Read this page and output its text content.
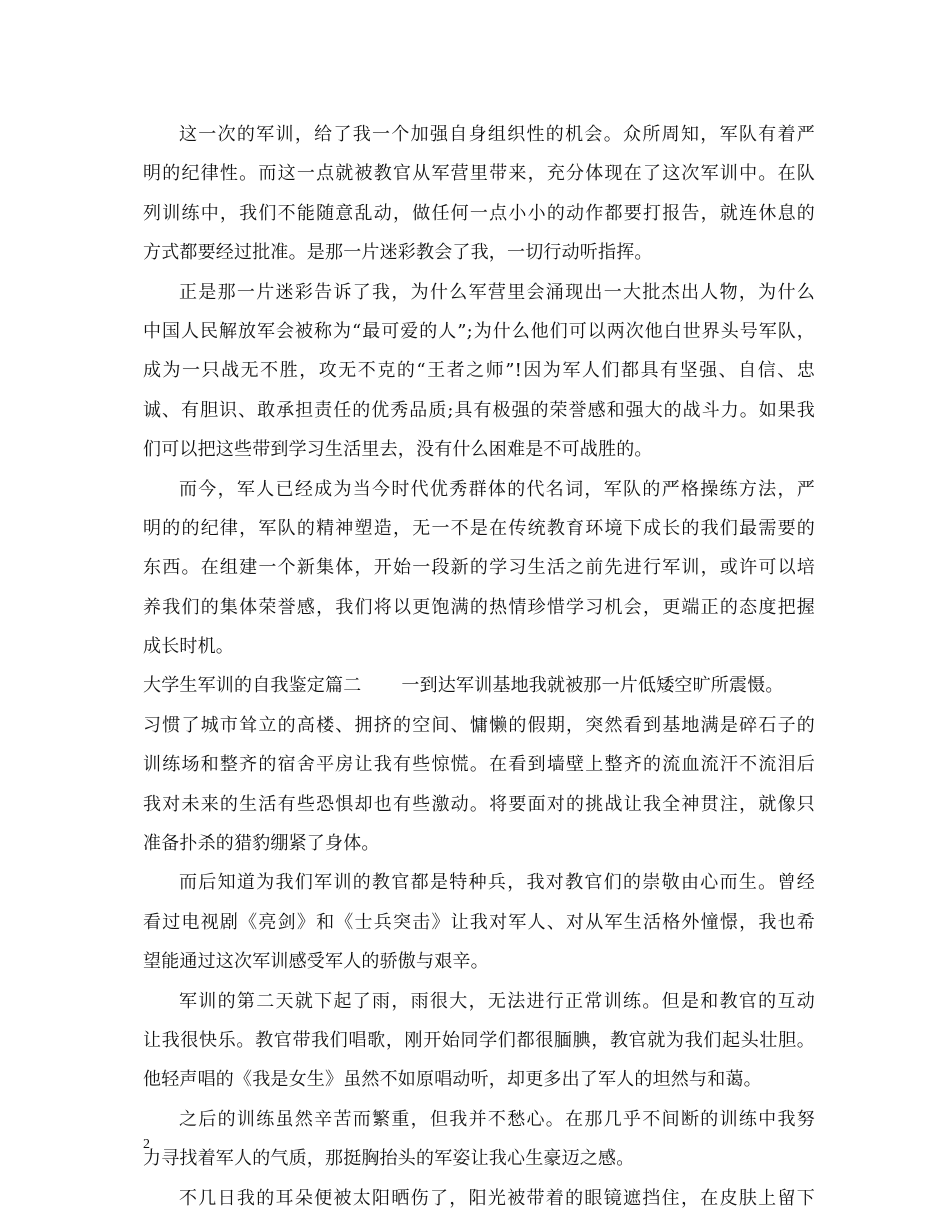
这一次的军训，给了我一个加强自身组织性的机会。众所周知，军队有着严
明的纪律性。而这一点就被教官从军营里带来，充分体现在了这次军训中。在队
列训练中，我们不能随意乱动，做任何一点小小的动作都要打报告，就连休息的
方式都要经过批准。是那一片迷彩教会了我，一切行动听指挥。
正是那一片迷彩告诉了我，为什么军营里会涌现出一大批杰出人物，为什么
中国人民解放军会被称为“最可爱的人”;为什么他们可以两次他白世界头号军队，
成为一只战无不胜，攻无不克的“王者之师”!因为军人们都具有坚强、自信、忠
诚、有胆识、敢承担责任的优秀品质;具有极强的荣誉感和强大的战斗力。如果我
们可以把这些带到学习生活里去，没有什么困难是不可战胜的。
而今，军人已经成为当今时代优秀群体的代名词，军队的严格操练方法，严
明的的纪律，军队的精神塑造，无一不是在传统教育环境下成长的我们最需要的
东西。在组建一个新集体，开始一段新的学习生活之前先进行军训，或许可以培
养我们的集体荣誉感，我们将以更饱满的热情珍惜学习机会，更端正的态度把握
成长时机。
大学生军训的自我鉴定篇二 一到达军训基地我就被那一片低矮空旷所震慑。
习惯了城市耸立的高楼、拥挤的空间、慵懒的假期，突然看到基地满是碎石子的
训练场和整齐的宿舍平房让我有些惊慌。在看到墙壁上整齐的流血流汗不流泪后
我对未来的生活有些恐惧却也有些激动。将要面对的挑战让我全神贯注，就像只
准备扑杀的猎豹绷紧了身体。
而后知道为我们军训的教官都是特种兵，我对教官们的崇敬由心而生。曾经
看过电视剧《亮剑》和《士兵突击》让我对军人、对从军生活格外憧憬，我也希
望能通过这次军训感受军人的骄傲与艰辛。
军训的第二天就下起了雨，雨很大，无法进行正常训练。但是和教官的互动
让我很快乐。教官带我们唱歌，刚开始同学们都很腼腆，教官就为我们起头壮胆。
他轻声唱的《我是女生》虽然不如原唱动听，却更多出了军人的坦然与和蔼。
之后的训练虽然辛苦而繁重，但我并不愁心。在那几乎不间断的训练中我努
力寻找着军人的气质，那挺胸抬头的军姿让我心生豪迈之感。
不几日我的耳朵便被太阳晒伤了，阳光被带着的眼镜遮挡住，在皮肤上留下
2
